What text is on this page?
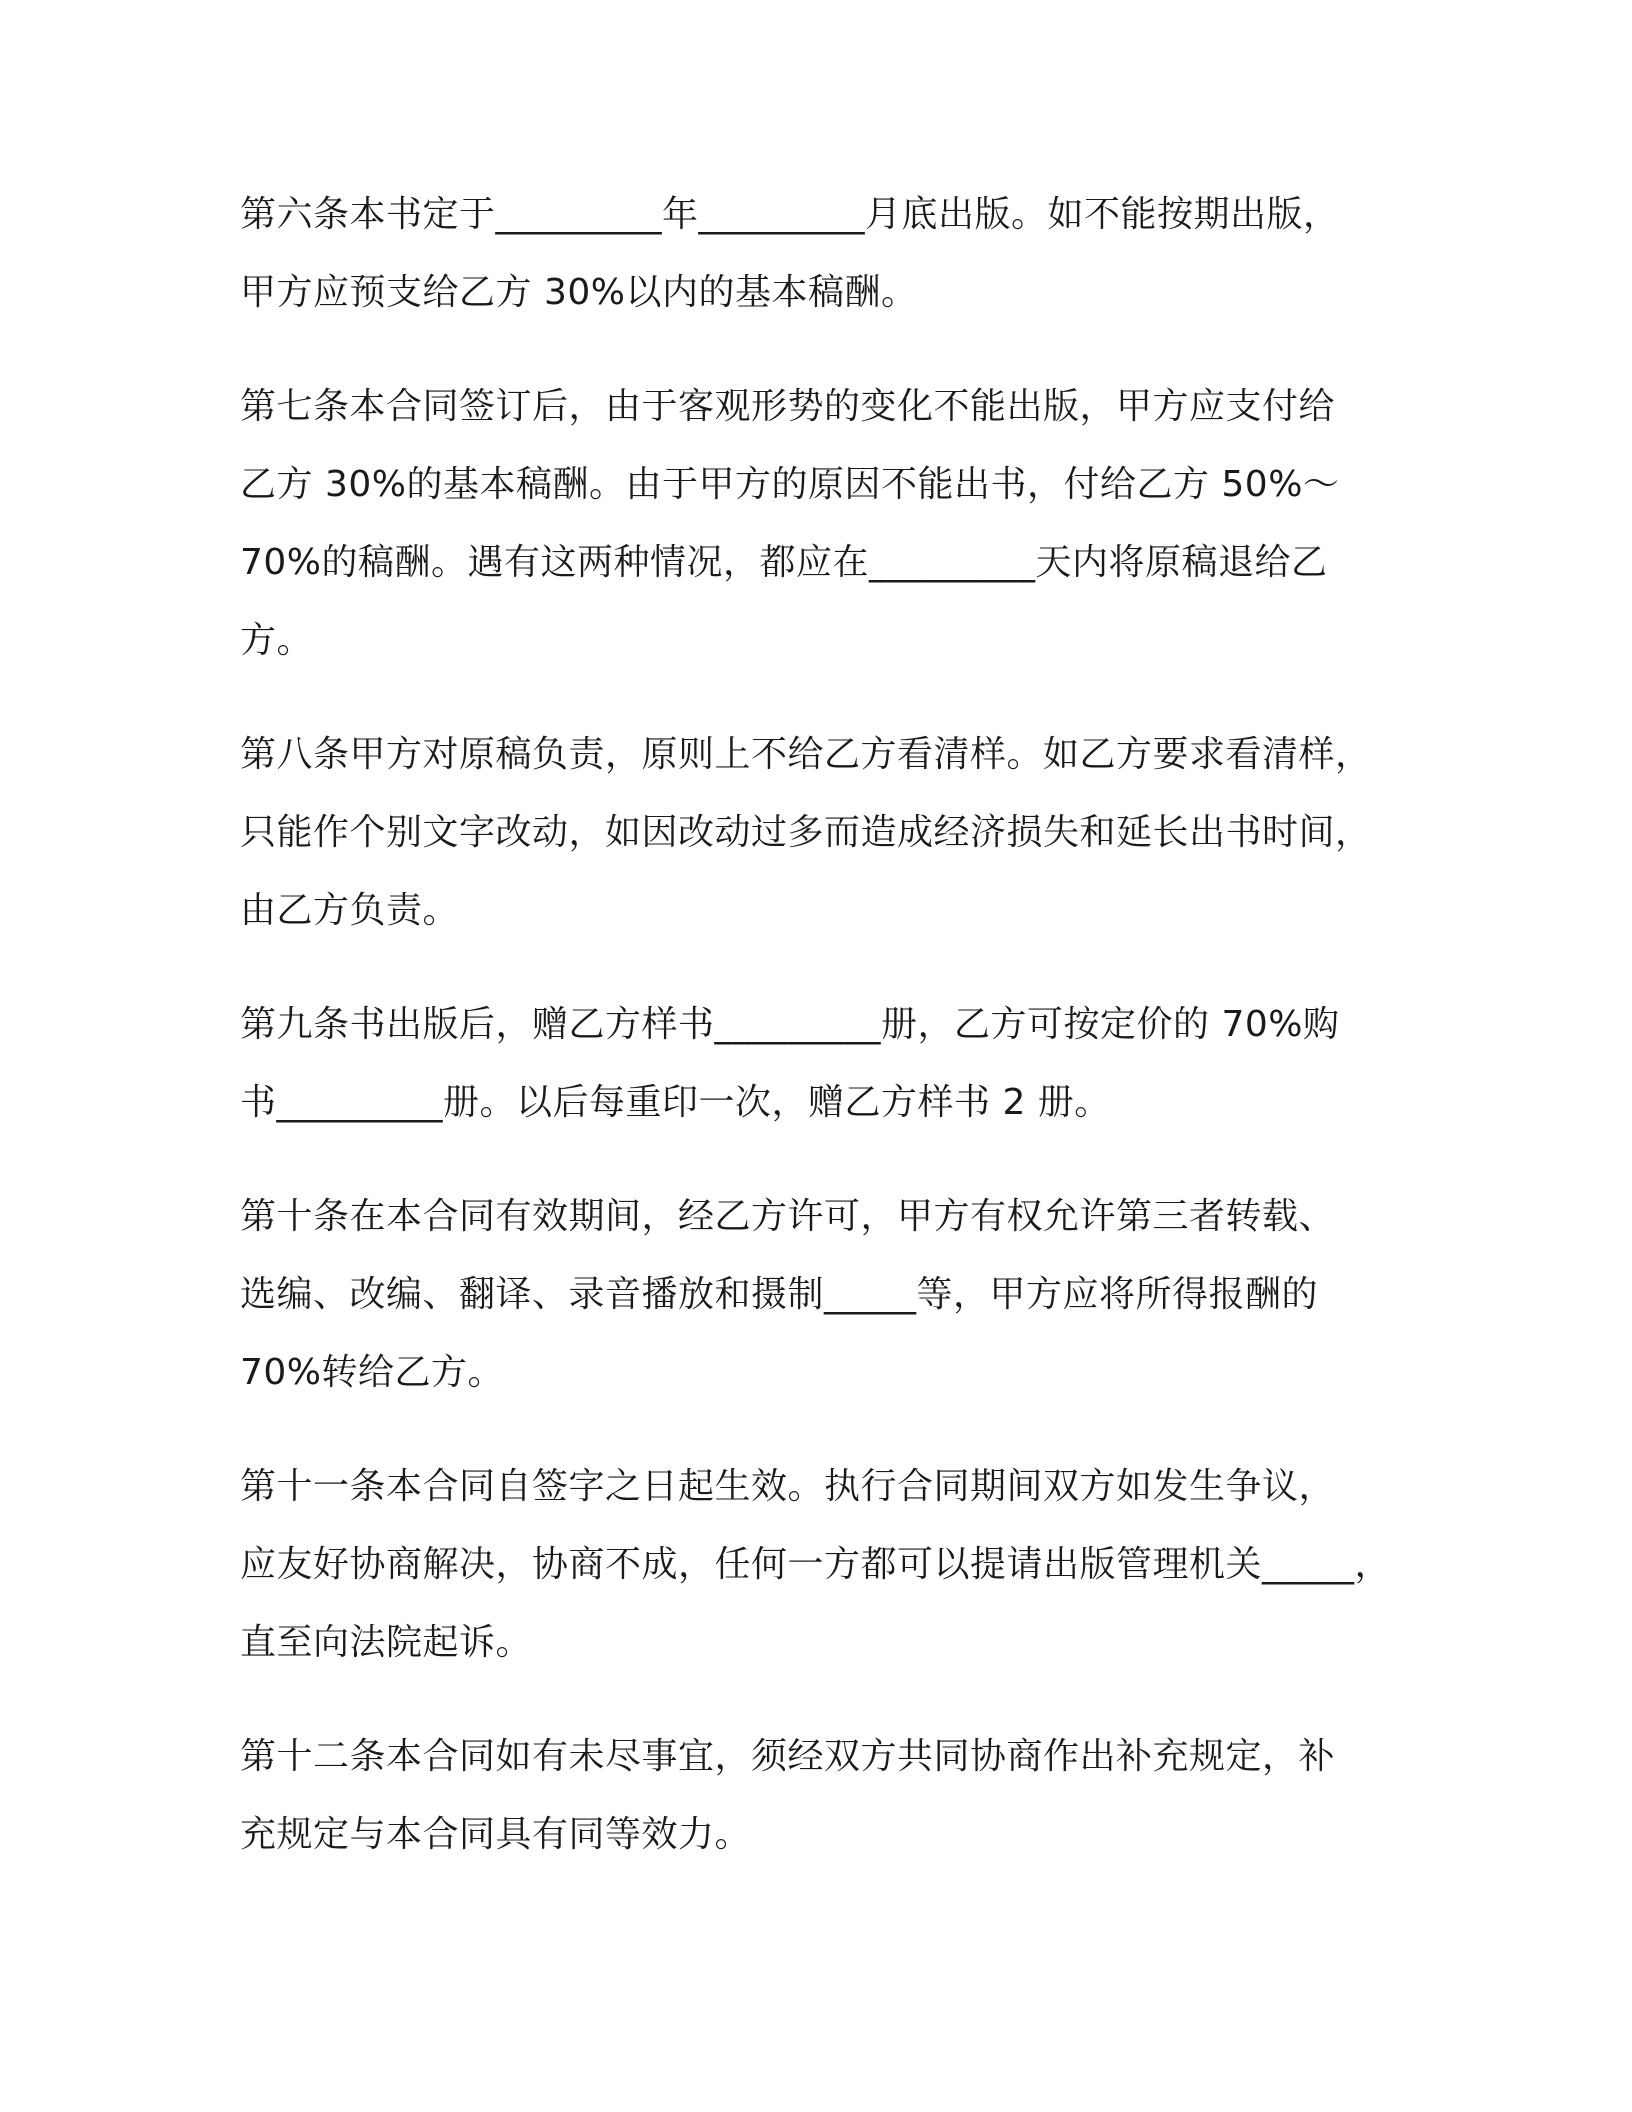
第六条本书定于_________年_________月底出版。如不能按期出版，
甲方应预支给乙方 30%以内的基本稿酬。

第七条本合同签订后，由于客观形势的变化不能出版，甲方应支付给
乙方 30%的基本稿酬。由于甲方的原因不能出书，付给乙方 50%～
70%的稿酬。遇有这两种情况，都应在_________天内将原稿退给乙
方。

第八条甲方对原稿负责，原则上不给乙方看清样。如乙方要求看清样，
只能作个别文字改动，如因改动过多而造成经济损失和延长出书时间，
由乙方负责。

第九条书出版后，赠乙方样书_________册，乙方可按定价的 70%购
书_________册。以后每重印一次，赠乙方样书 2 册。

第十条在本合同有效期间，经乙方许可，甲方有权允许第三者转载、
选编、改编、翻译、录音播放和摄制_____等，甲方应将所得报酬的
70%转给乙方。

第十一条本合同自签字之日起生效。执行合同期间双方如发生争议，
应友好协商解决，协商不成，任何一方都可以提请出版管理机关_____，
直至向法院起诉。

第十二条本合同如有未尽事宜，须经双方共同协商作出补充规定，补
充规定与本合同具有同等效力。
